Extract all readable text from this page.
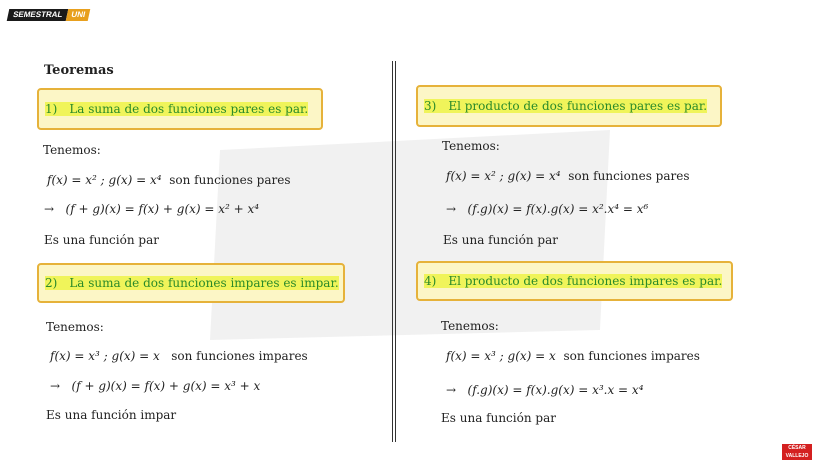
SEMESTRAL UNI
Teoremas
1) La suma de dos funciones pares es par.
Tenemos:
f(x) = x² ; g(x) = x⁴ son funciones pares
→ (f + g)(x) = f(x) + g(x) = x² + x⁴
Es una función par
2) La suma de dos funciones impares es impar.
Tenemos:
f(x) = x³ ; g(x) = x son funciones impares
→ (f + g)(x) = f(x) + g(x) = x³ + x
Es una función impar
3) El producto de dos funciones pares es par.
Tenemos:
f(x) = x² ; g(x) = x⁴ son funciones pares
→ (f.g)(x) = f(x).g(x) = x².x⁴ = x⁶
Es una función par
4) El producto de dos funciones impares es par.
Tenemos:
f(x) = x³ ; g(x) = x son funciones impares
→ (f.g)(x) = f(x).g(x) = x³.x = x⁴
Es una función par
CÉSAR VALLEJO
